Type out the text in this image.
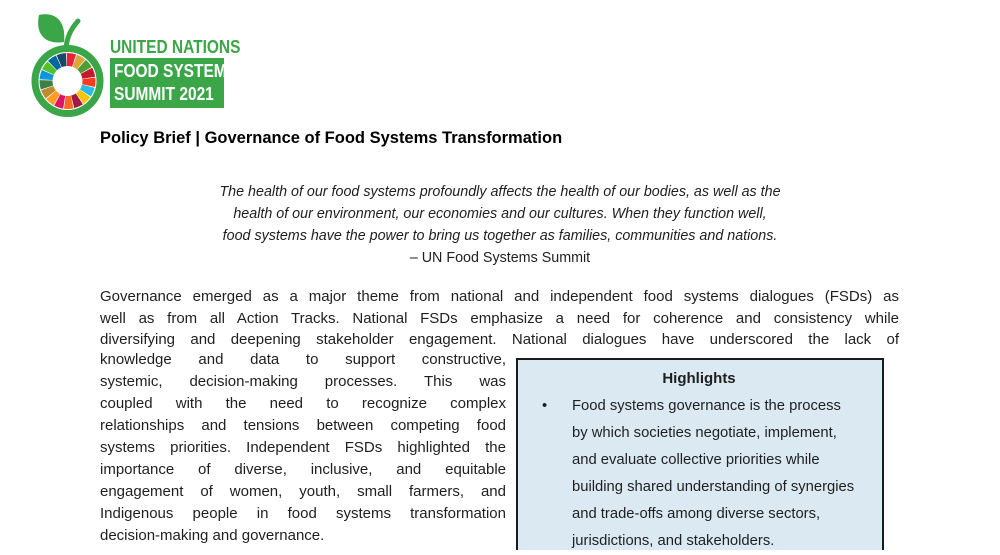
UNITED NATIONS
FOOD SYSTEMS
SUMMIT 2021
Policy Brief | Governance of Food Systems Transformation
The health of our food systems profoundly affects the health of our bodies, as well as the
health of our environment, our economies and our cultures. When they function well,
food systems have the power to bring us together as families, communities and nations.
– UN Food Systems Summit
Governance emerged as a major theme from national and independent food systems dialogues (FSDs) as
well as from all Action Tracks. National FSDs emphasize a need for coherence and consistency while
diversifying and deepening stakeholder engagement. National dialogues have underscored the lack of
knowledge and data to support constructive,
systemic, decision-making processes. This was
coupled with the need to recognize complex
relationships and tensions between competing food
systems priorities. Independent FSDs highlighted the
importance of diverse, inclusive, and equitable
engagement of women, youth, small farmers, and
Indigenous people in food systems transformation
decision-making and governance.
Highlights
•	Food systems governance is the process by which societies negotiate, implement, and evaluate collective priorities while building shared understanding of synergies and trade-offs among diverse sectors, jurisdictions, and stakeholders.
